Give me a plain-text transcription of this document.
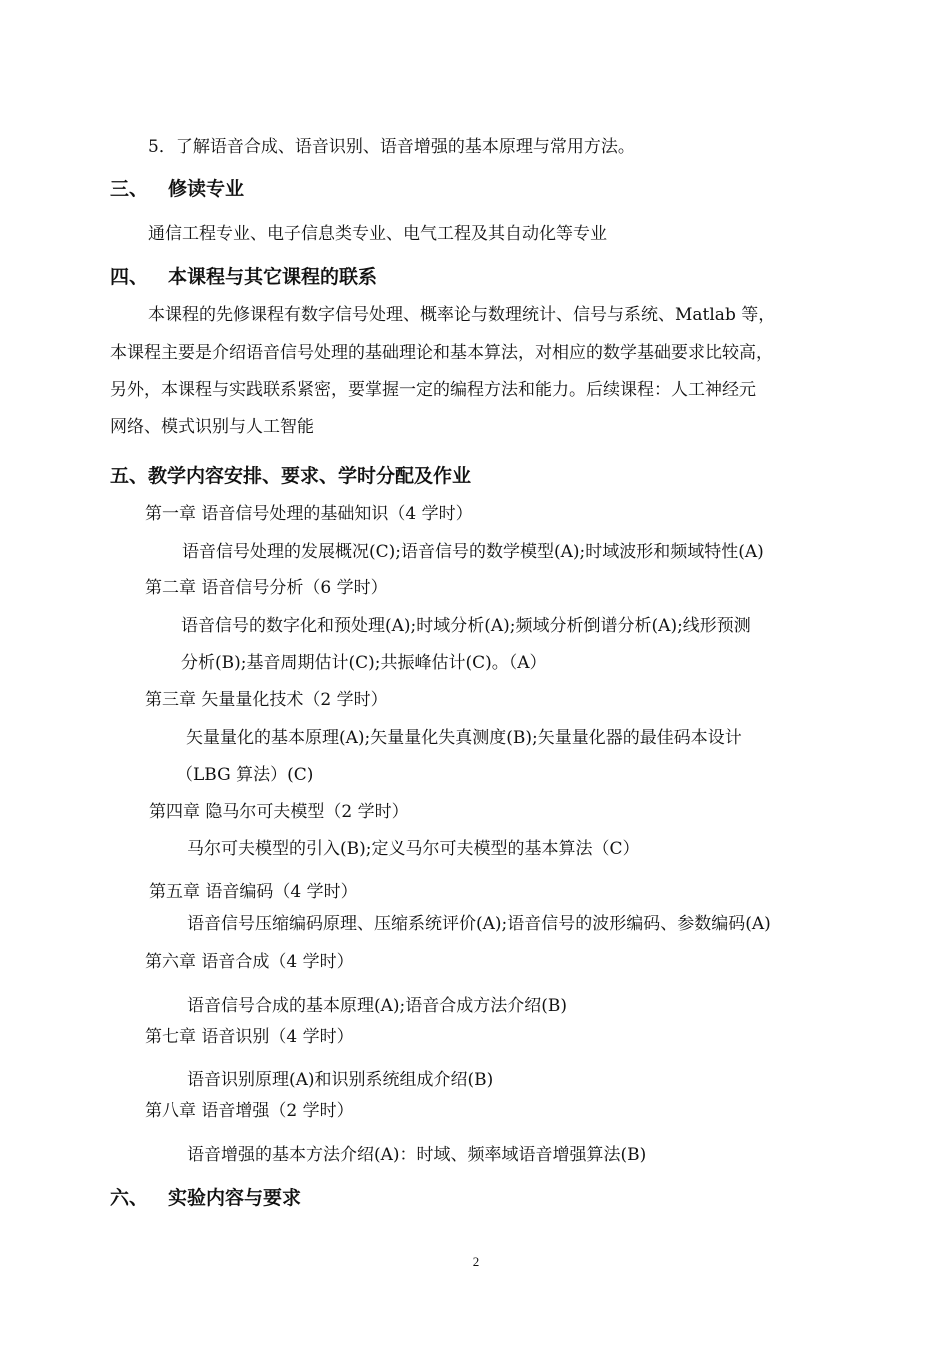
5．了解语音合成、语音识别、语音增强的基本原理与常用方法。
三、 修读专业
通信工程专业、电子信息类专业、电气工程及其自动化等专业
四、 本课程与其它课程的联系
本课程的先修课程有数字信号处理、概率论与数理统计、信号与系统、Matlab 等，
本课程主要是介绍语音信号处理的基础理论和基本算法，对相应的数学基础要求比较高，
另外，本课程与实践联系紧密，要掌握一定的编程方法和能力。后续课程：人工神经元
网络、模式识别与人工智能
五、教学内容安排、要求、学时分配及作业
第一章 语音信号处理的基础知识（4 学时）
语音信号处理的发展概况(C);语音信号的数学模型(A);时域波形和频域特性(A)
第二章 语音信号分析（6 学时）
语音信号的数字化和预处理(A);时域分析(A);频域分析倒谱分析(A);线形预测
分析(B);基音周期估计(C);共振峰估计(C)。（A）
第三章 矢量量化技术（2 学时）
矢量量化的基本原理(A);矢量量化失真测度(B);矢量量化器的最佳码本设计
（LBG 算法）(C)
第四章 隐马尔可夫模型（2 学时）
马尔可夫模型的引入(B);定义马尔可夫模型的基本算法（C）
第五章 语音编码（4 学时）
语音信号压缩编码原理、压缩系统评价(A);语音信号的波形编码、参数编码(A)
第六章 语音合成（4 学时）
语音信号合成的基本原理(A);语音合成方法介绍(B)
第七章 语音识别（4 学时）
语音识别原理(A)和识别系统组成介绍(B)
第八章 语音增强（2 学时）
语音增强的基本方法介绍(A)：时域、频率域语音增强算法(B)
六、 实验内容与要求
2
